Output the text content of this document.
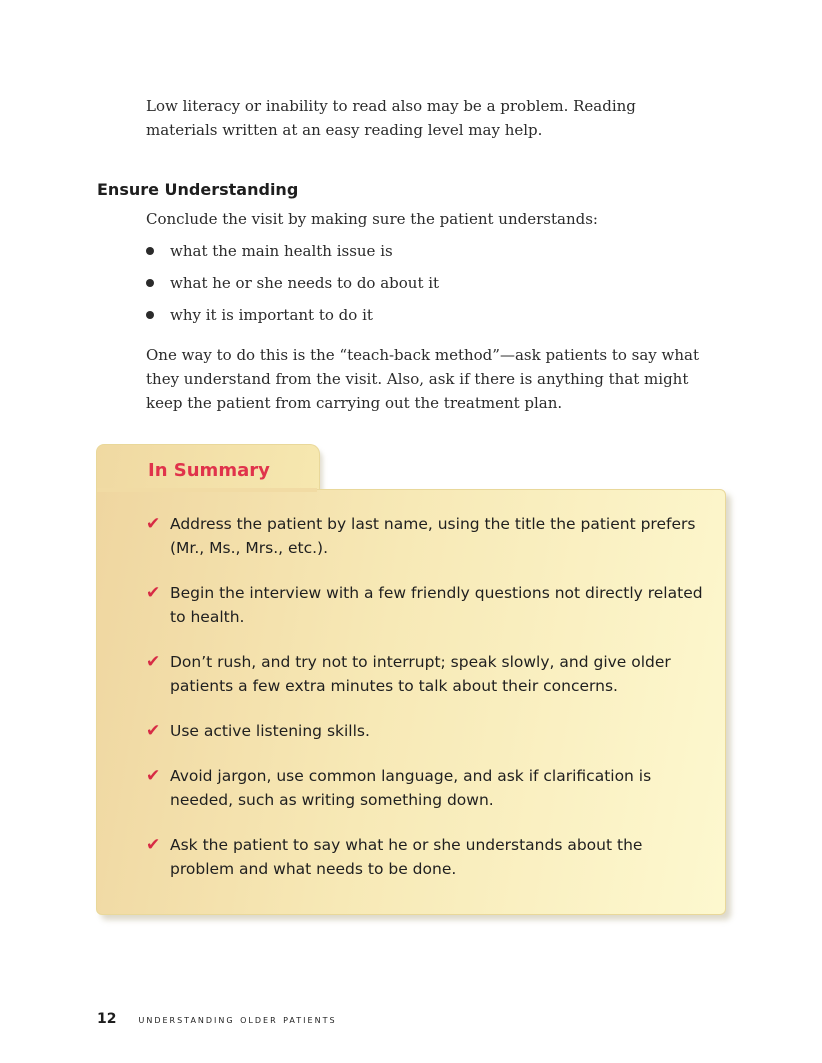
Low literacy or inability to read also may be a problem. Reading materials written at an easy reading level may help.

Ensure Understanding

Conclude the visit by making sure the patient understands:

what the main health issue is
what he or she needs to do about it
why it is important to do it

One way to do this is the “teach-back method”—ask patients to say what they understand from the visit. Also, ask if there is anything that might keep the patient from carrying out the treatment plan.

In Summary
✔ Address the patient by last name, using the title the patient prefers (Mr., Ms., Mrs., etc.).
✔ Begin the interview with a few friendly questions not directly related to health.
✔ Don’t rush, and try not to interrupt; speak slowly, and give older patients a few extra minutes to talk about their concerns.
✔ Use active listening skills.
✔ Avoid jargon, use common language, and ask if clarification is needed, such as writing something down.
✔ Ask the patient to say what he or she understands about the problem and what needs to be done.
12 understanding older patients
